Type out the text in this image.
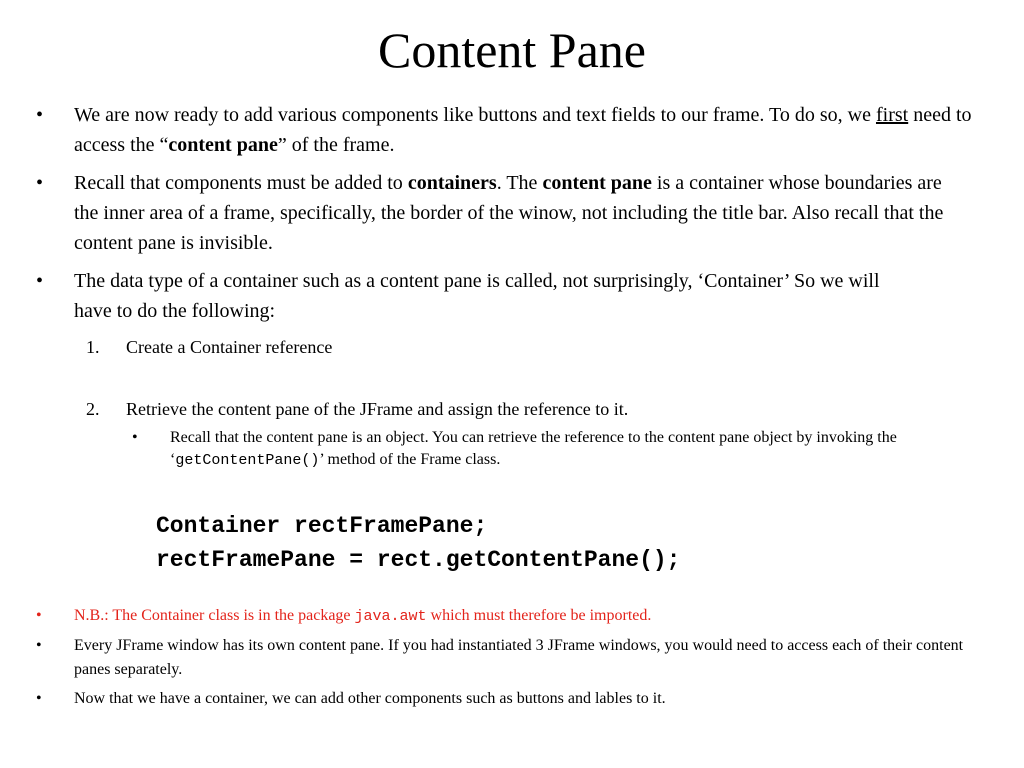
Content Pane
•	We are now ready to add various components like buttons and text fields to our frame. To do so, we first need to access the “content pane” of the frame.
•	Recall that components must be added to containers. The content pane is a container whose boundaries are the inner area of a frame, specifically, the border of the winow, not including the title bar. Also recall that the content pane is invisible.
•	The data type of a container such as a content pane is called, not surprisingly, ‘Container’ So we will have to do the following:
1.	Create a Container reference
2.	Retrieve the content pane of the JFrame and assign the reference to it.
•	Recall that the content pane is an object. You can retrieve the reference to the content pane object by invoking the ‘getContentPane()’ method of the Frame class.
Container rectFramePane;
rectFramePane = rect.getContentPane();
•	N.B.: The Container class is in the package java.awt which must therefore be imported.
•	Every JFrame window has its own content pane. If you had instantiated 3 JFrame windows, you would need to access each of their content panes separately.
•	Now that we have a container, we can add other components such as buttons and lables to it.
